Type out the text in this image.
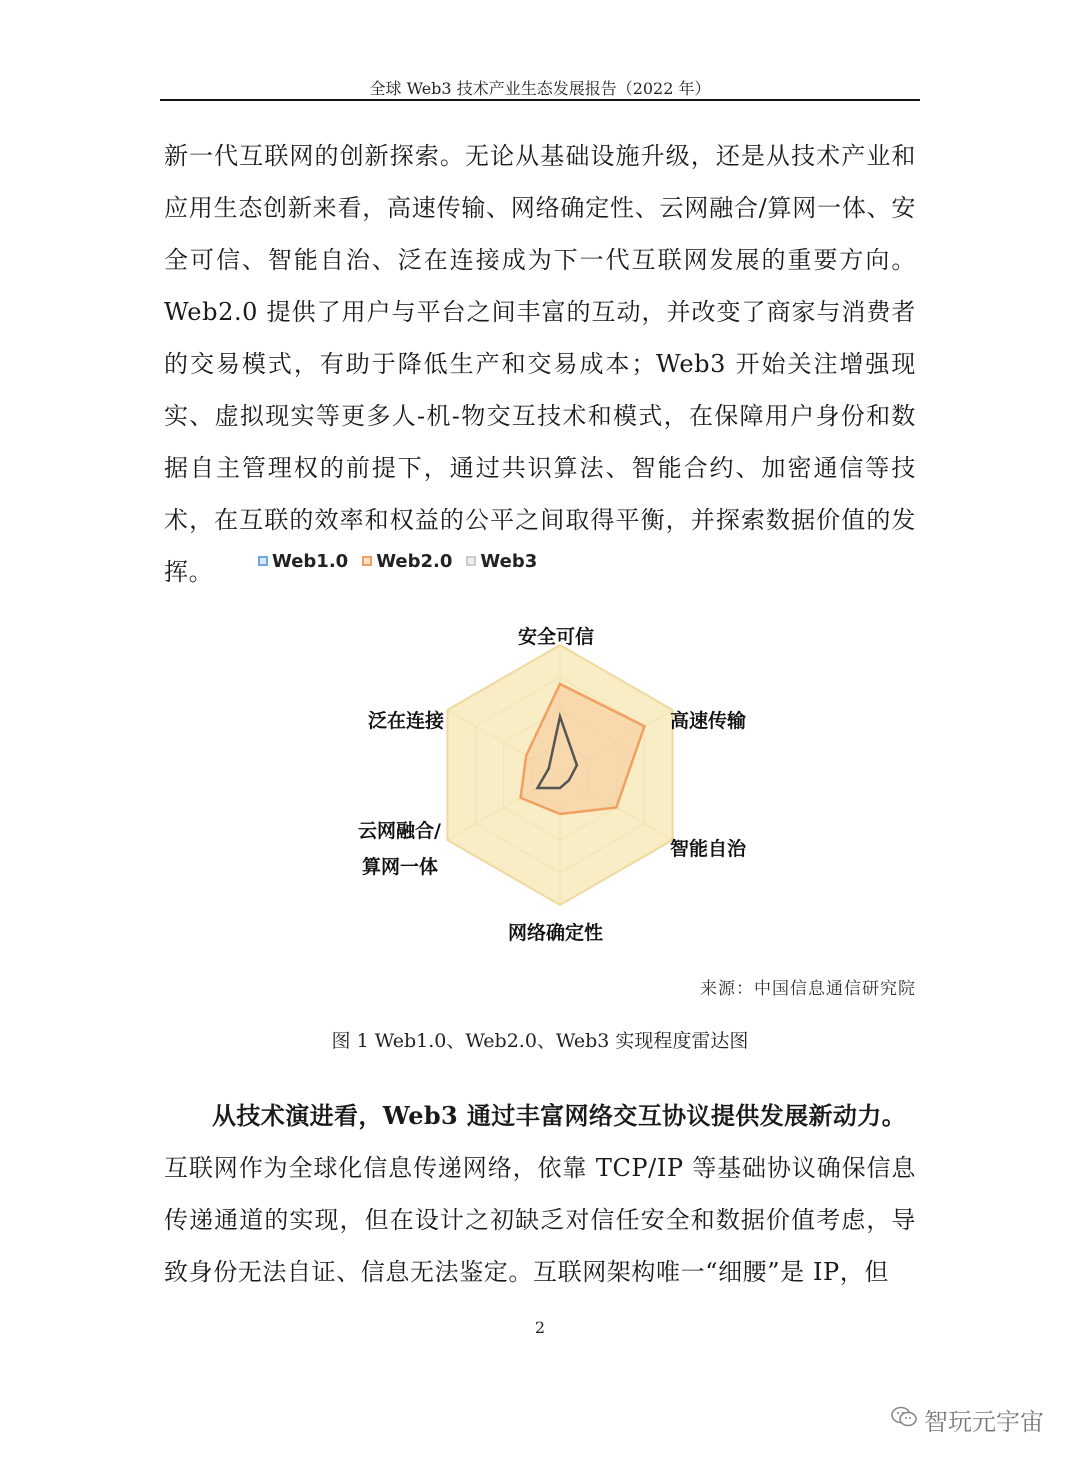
全球 Web3 技术产业生态发展报告（2022 年）
新一代互联网的创新探索。无论从基础设施升级，还是从技术产业和应用生态创新来看，高速传输、网络确定性、云网融合/算网一体、安全可信、智能自治、泛在连接成为下一代互联网发展的重要方向。Web2.0 提供了用户与平台之间丰富的互动，并改变了商家与消费者的交易模式，有助于降低生产和交易成本；Web3 开始关注增强现实、虚拟现实等更多人-机-物交互技术和模式，在保障用户身份和数据自主管理权的前提下，通过共识算法、智能合约、加密通信等技术，在互联的效率和权益的公平之间取得平衡，并探索数据价值的发挥。	Web1.0 Web2.0 Web3
安全可信
高速传输
智能自治
网络确定性
云网融合/
算网一体
泛在连接
来源：中国信息通信研究院
图 1 Web1.0、Web2.0、Web3 实现程度雷达图
从技术演进看，Web3 通过丰富网络交互协议提供发展新动力。
互联网作为全球化信息传递网络，依靠 TCP/IP 等基础协议确保信息传递通道的实现，但在设计之初缺乏对信任安全和数据价值考虑，导致身份无法自证、信息无法鉴定。互联网架构唯一“细腰”是 IP，但
2
智玩元宇宙
